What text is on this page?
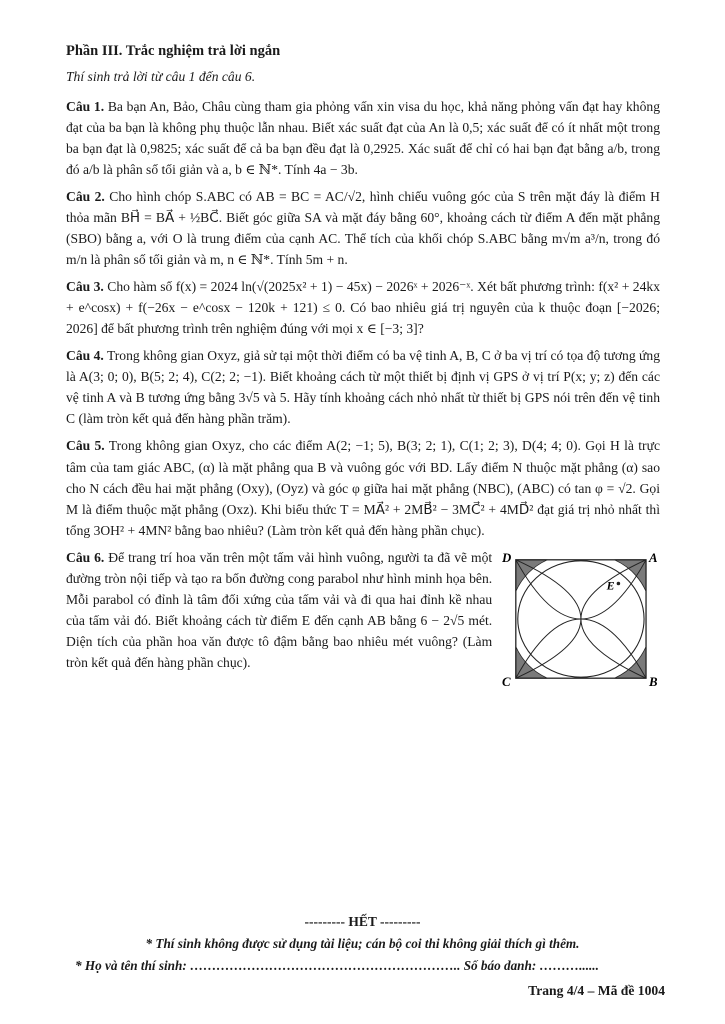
Phần III. Trắc nghiệm trả lời ngắn

Thí sinh trả lời từ câu 1 đến câu 6.

Câu 1. Ba bạn An, Bảo, Châu cùng tham gia phỏng vấn xin visa du học, khả năng phỏng vấn đạt hay không đạt của ba bạn là không phụ thuộc lẫn nhau. Biết xác suất đạt của An là 0,5; xác suất để có ít nhất một trong ba bạn đạt là 0,9825; xác suất để cả ba bạn đều đạt là 0,2925. Xác suất để chỉ có hai bạn đạt bằng a/b, trong đó a/b là phân số tối giản và a, b ∈ ℕ*. Tính 4a − 3b.

Câu 2. Cho hình chóp S.ABC có AB = BC = AC/√2, hình chiếu vuông góc của S trên mặt đáy là điểm H thỏa mãn BH⃗ = BA⃗ + ½BC⃗. Biết góc giữa SA và mặt đáy bằng 60°, khoảng cách từ điểm A đến mặt phẳng (SBO) bằng a, với O là trung điểm của cạnh AC. Thể tích của khối chóp S.ABC bằng m√m a³/n, trong đó m/n là phân số tối giản và m, n ∈ ℕ*. Tính 5m + n.

Câu 3. Cho hàm số f(x) = 2024 ln(√(2025x² + 1) − 45x) − 2026ˣ + 2026⁻ˣ. Xét bất phương trình: f(x² + 24kx + e^cosx) + f(−26x − e^cosx − 120k + 121) ≤ 0. Có bao nhiêu giá trị nguyên của k thuộc đoạn [−2026; 2026] để bất phương trình trên nghiệm đúng với mọi x ∈ [−3; 3]?

Câu 4. Trong không gian Oxyz, giả sử tại một thời điểm có ba vệ tinh A, B, C ở ba vị trí có tọa độ tương ứng là A(3; 0; 0), B(5; 2; 4), C(2; 2; −1). Biết khoảng cách từ một thiết bị định vị GPS ở vị trí P(x; y; z) đến các vệ tinh A và B tương ứng bằng 3√5 và 5. Hãy tính khoảng cách nhỏ nhất từ thiết bị GPS nói trên đến vệ tinh C (làm tròn kết quả đến hàng phần trăm).

Câu 5. Trong không gian Oxyz, cho các điểm A(2; −1; 5), B(3; 2; 1), C(1; 2; 3), D(4; 4; 0). Gọi H là trực tâm của tam giác ABC, (α) là mặt phẳng qua B và vuông góc với BD. Lấy điểm N thuộc mặt phẳng (α) sao cho N cách đều hai mặt phẳng (Oxy), (Oyz) và góc φ giữa hai mặt phẳng (NBC), (ABC) có tan φ = √2. Gọi M là điểm thuộc mặt phẳng (Oxz). Khi biểu thức T = MA⃗² + 2MB⃗² − 3MC⃗² + 4MD⃗² đạt giá trị nhỏ nhất thì tổng 3OH² + 4MN² bằng bao nhiêu? (Làm tròn kết quả đến hàng phần chục).

Câu 6. Để trang trí hoa văn trên một tấm vải hình vuông, người ta đã vẽ một đường tròn nội tiếp và tạo ra bốn đường cong parabol như hình minh họa bên. Mỗi parabol có đỉnh là tâm đối xứng của tấm vải và đi qua hai đỉnh kề nhau của tấm vải đó. Biết khoảng cách từ điểm E đến cạnh AB bằng 6 − 2√5 mét. Diện tích của phần hoa văn được tô đậm bằng bao nhiêu mét vuông? (Làm tròn kết quả đến hàng phần chục).

E
D	A
C	B
--------- HẾT ---------
* Thí sinh không được sử dụng tài liệu; cán bộ coi thi không giải thích gì thêm.
* Họ và tên thí sinh: …………………………………………………….. Số báo danh: ………......
Trang 4/4 – Mã đề 1004
